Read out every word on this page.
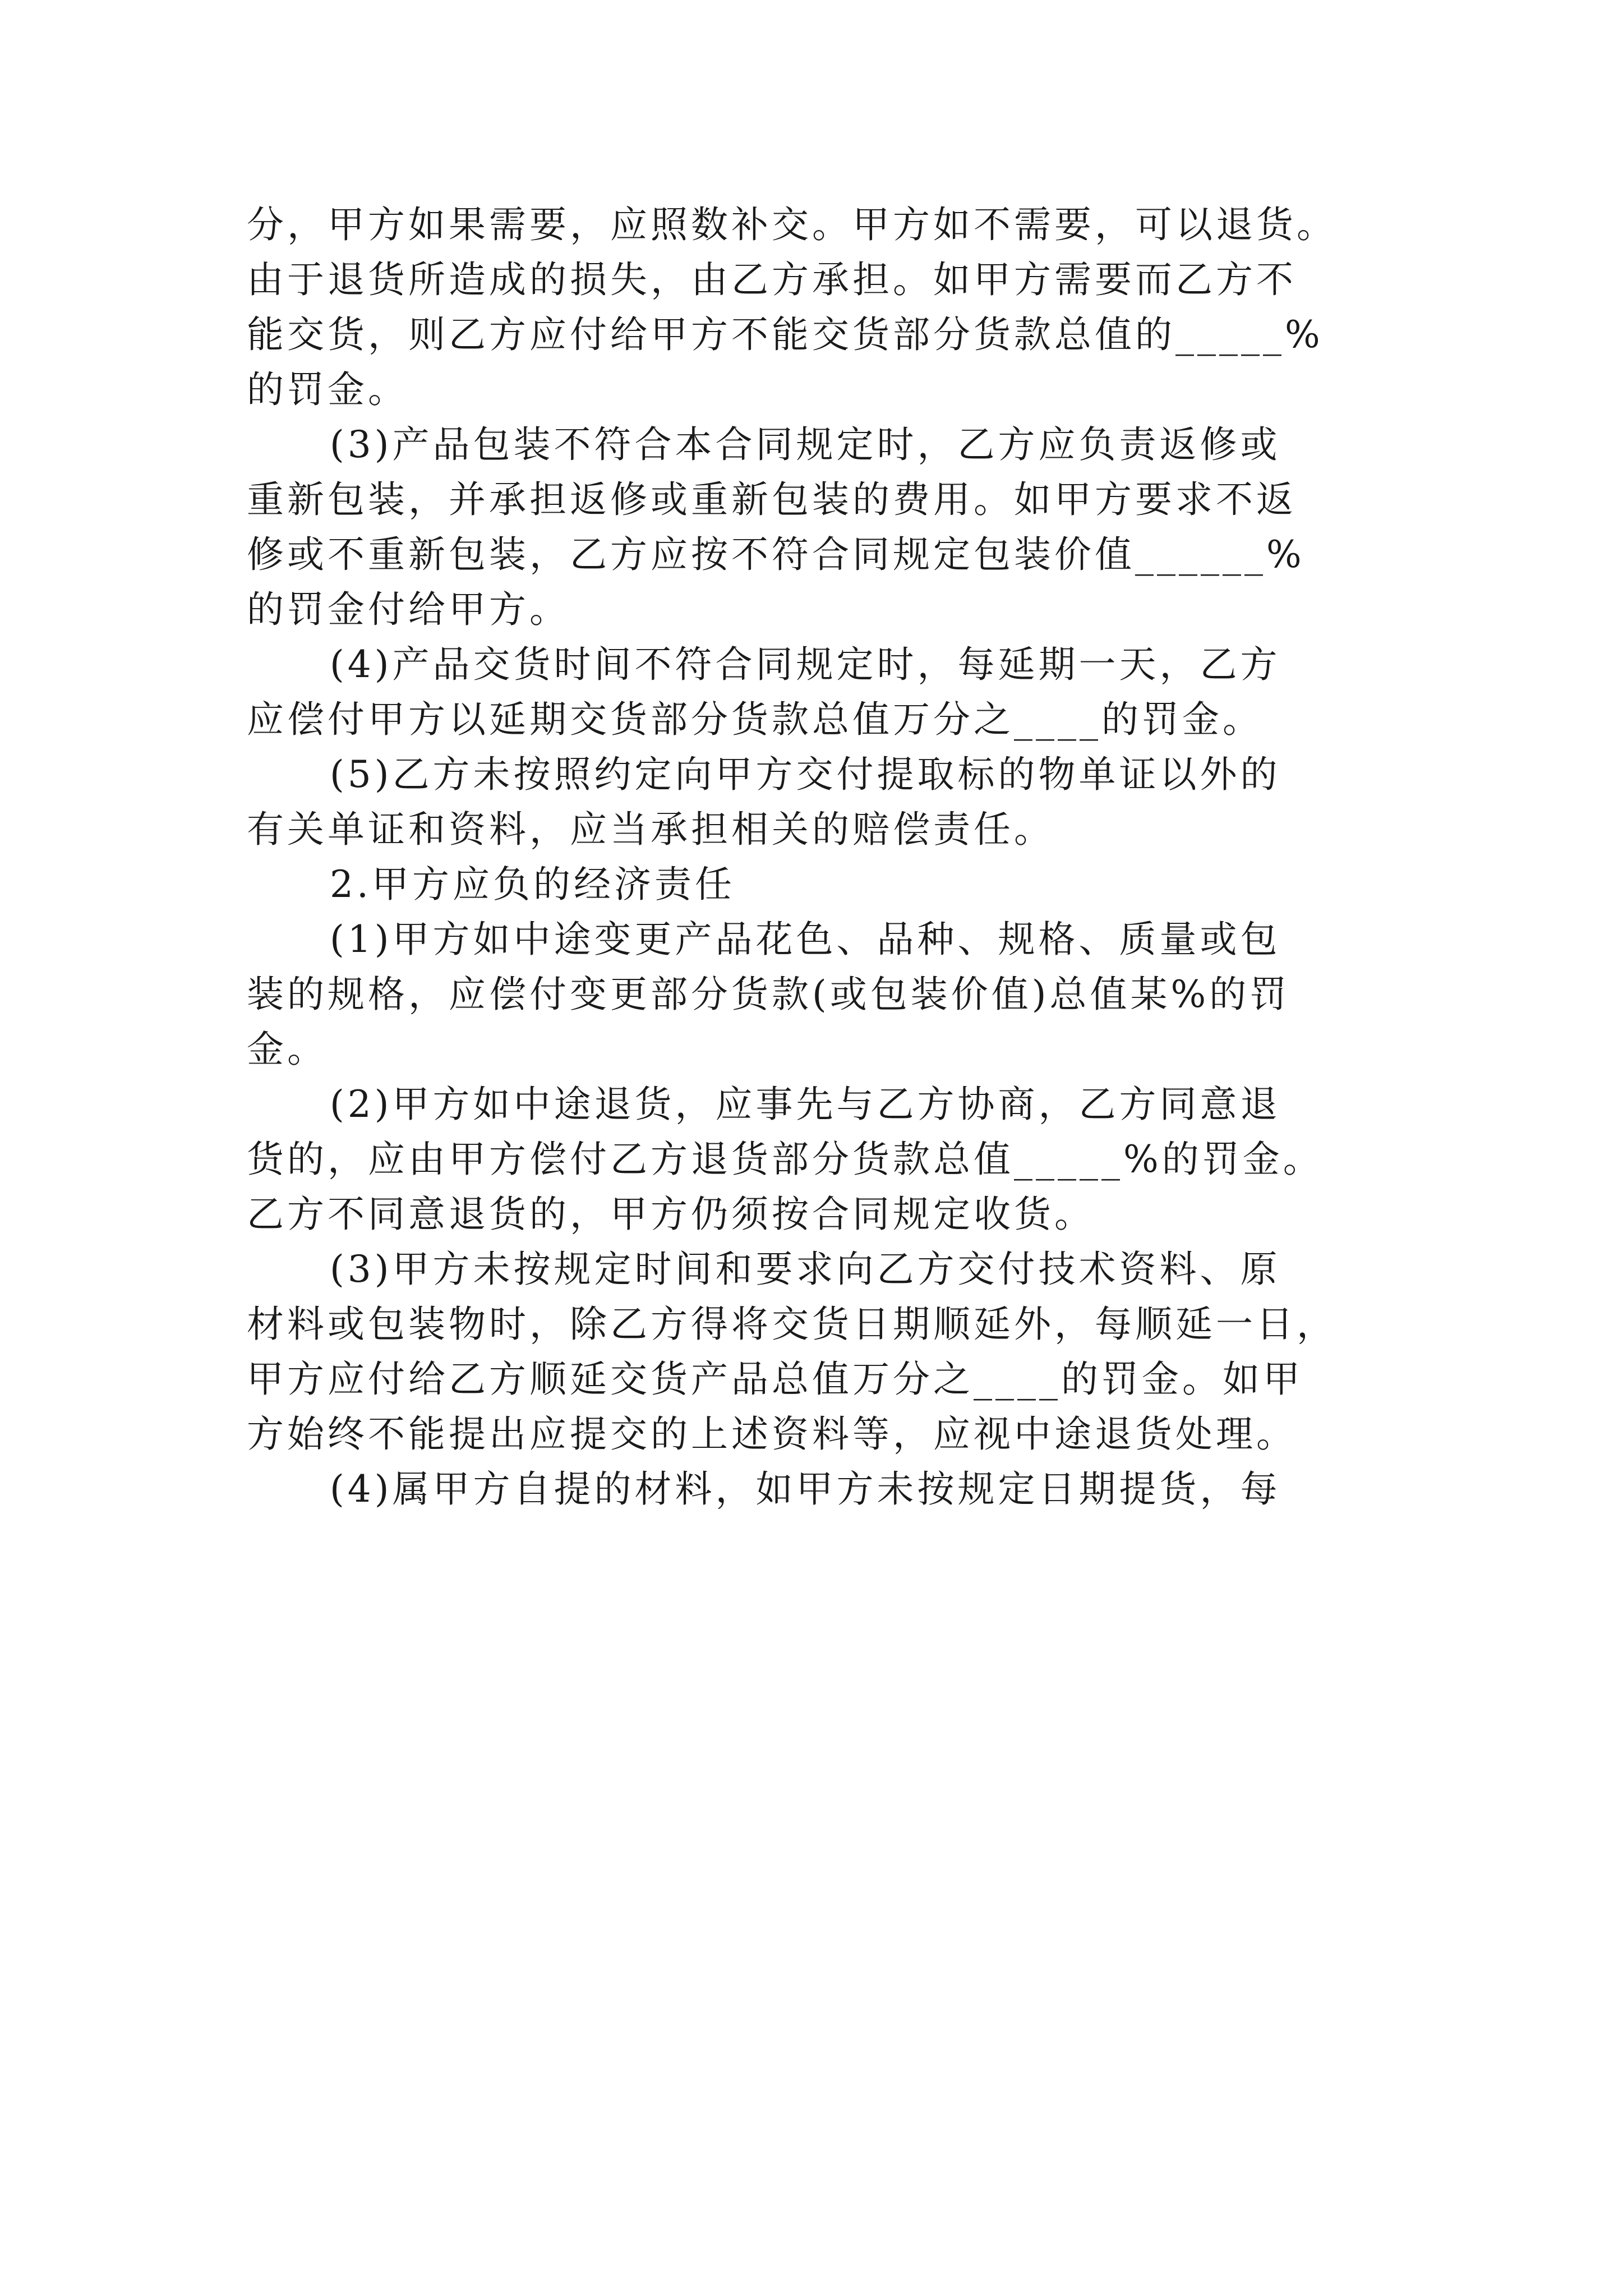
分，甲方如果需要，应照数补交。甲方如不需要，可以退货。
由于退货所造成的损失，由乙方承担。如甲方需要而乙方不
能交货，则乙方应付给甲方不能交货部分货款总值的_____%
的罚金。
(3)产品包装不符合本合同规定时，乙方应负责返修或
重新包装，并承担返修或重新包装的费用。如甲方要求不返
修或不重新包装，乙方应按不符合同规定包装价值______%
的罚金付给甲方。
(4)产品交货时间不符合同规定时，每延期一天，乙方
应偿付甲方以延期交货部分货款总值万分之____的罚金。
(5)乙方未按照约定向甲方交付提取标的物单证以外的
有关单证和资料，应当承担相关的赔偿责任。
2.甲方应负的经济责任
(1)甲方如中途变更产品花色、品种、规格、质量或包
装的规格，应偿付变更部分货款(或包装价值)总值某%的罚
金。
(2)甲方如中途退货，应事先与乙方协商，乙方同意退
货的，应由甲方偿付乙方退货部分货款总值_____%的罚金。
乙方不同意退货的，甲方仍须按合同规定收货。
(3)甲方未按规定时间和要求向乙方交付技术资料、原
材料或包装物时，除乙方得将交货日期顺延外，每顺延一日，
甲方应付给乙方顺延交货产品总值万分之____的罚金。如甲
方始终不能提出应提交的上述资料等，应视中途退货处理。
(4)属甲方自提的材料，如甲方未按规定日期提货，每
